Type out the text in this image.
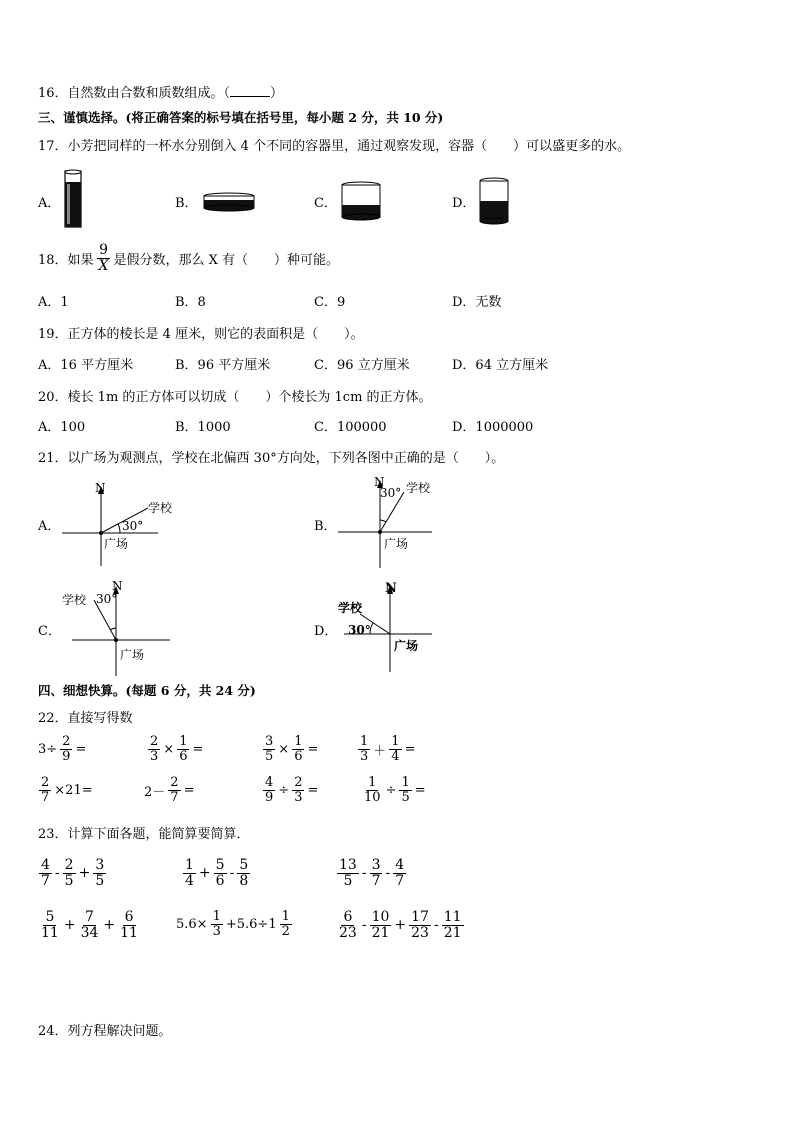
16．自然数由合数和质数组成。（	）
三、谨慎选择。(将正确答案的标号填在括号里，每小题 2 分，共 10 分)
17．小芳把同样的一杯水分别倒入 4 个不同的容器里，通过观察发现，容器（　　）可以盛更多的水。
A．	B．	C．	D．
18．如果 $\frac{9}{X}$ 是假分数，那么 X 有（　　）种可能。
A．1	B．8	C．9	D．无数
19．正方体的棱长是 4 厘米，则它的表面积是（　　）。
A．16 平方厘米	B．96 平方厘米	C．96 立方厘米	D．64 立方厘米
20．棱长 1m 的正方体可以切成（　　）个棱长为 1cm 的正方体。
A．100	B．1000	C．100000	D．1000000
21．以广场为观测点，学校在北偏西 30°方向处，下列各图中正确的是（　　）。
A．	B．
C．	D．
N
学校
30°
广场
N
30° 学校
广场
N
学校 30°
广场
N
学校
30°
广场
四、细想快算。(每题 6 分，共 24 分)
22．直接写得数
$3\div \frac{2}{9}$ =	$\frac{2}{3} \times \frac{1}{6}$ =	$\frac{3}{5} \times \frac{1}{6}$ =	$\frac{1}{3} + \frac{1}{4}$ =
$\frac{2}{7} \times 21=$	$2- \frac{2}{7}$ =	$\frac{4}{9} \div \frac{2}{3}$ =	$\frac{1}{10} \div \frac{1}{5}$ =
23．计算下面各题，能简算要简算．
$\frac{4}{7} - \frac{2}{5} + \frac{3}{5}$	$\frac{1}{4} + \frac{5}{6} - \frac{5}{8}$	$\frac{13}{5} - \frac{3}{7} - \frac{4}{7}$
$\frac{5}{11} + \frac{7}{34} + \frac{6}{11}$	$5.6\times \frac{1}{3} +5.6\div 1 \frac{1}{2}$	$\frac{6}{23} - \frac{10}{21} + \frac{17}{23} - \frac{11}{21}$
24．列方程解决问题。
